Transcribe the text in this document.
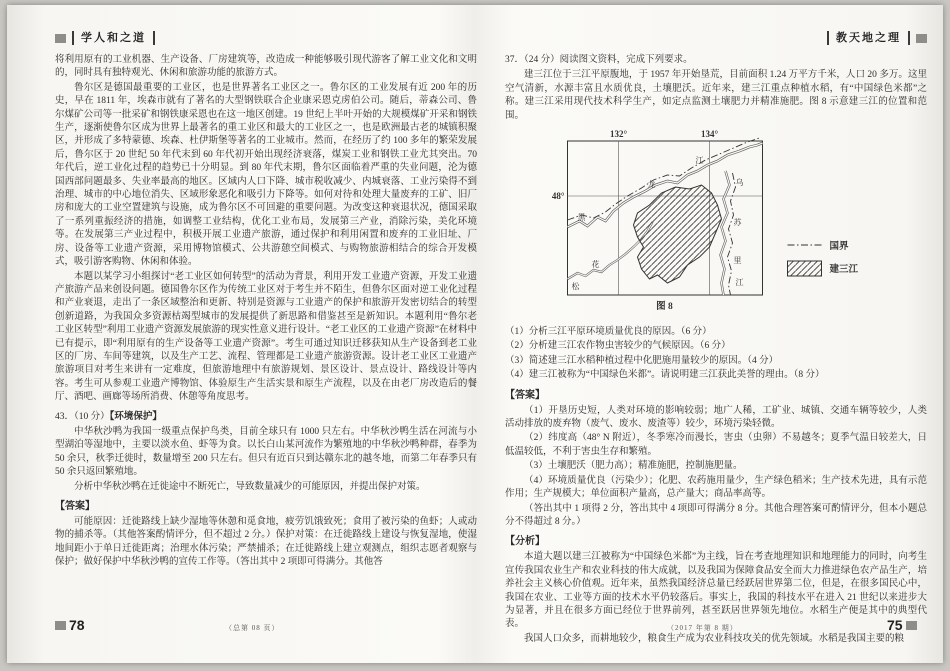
学人和之道

将利用原有的工业机器、生产设备、厂房建筑等，改造成一种能够吸引现代游客了解工业文化和文明的，同时具有独特观光、休闲和旅游功能的旅游方式。

鲁尔区是德国最重要的工业区，也是世界著名工业区之一。鲁尔区的工业发展有近 200 年的历史，早在 1811 年，埃森市就有了著名的大型钢铁联合企业康采恩克虏伯公司。随后，蒂森公司、鲁尔煤矿公司等一批采矿和钢铁康采恩也在这一地区创建。19 世纪上半叶开始的大规模煤矿开采和钢铁生产，逐渐使鲁尔区成为世界上最著名的重工业区和最大的工业区之一，也是欧洲最古老的城镇积聚区，并形成了多特蒙德、埃森、杜伊斯堡等著名的工业城市。然而，在经历了约 100 多年的繁荣发展后，鲁尔区于 20 世纪 50 年代末到 60 年代初开始出现经济衰落，煤炭工业和钢铁工业尤其突出。70 年代后，逆工业化过程的趋势已十分明显。到 80 年代末期，鲁尔区面临着严重的失业问题，沦为德国西部问题最多、失业率最高的地区。区域内人口下降、城市税收减少、内城衰落、工业污染得不到治理、城市的中心地位消失、区域形象恶化和吸引力下降等。如何对待和处理大量废弃的工矿、旧厂房和庞大的工业空置建筑与设施，成为鲁尔区不可回避的重要问题。为改变这种衰退状况，德国采取了一系列重振经济的措施，如调整工业结构，优化工业布局，发展第三产业，消除污染，美化环境等。在发展第三产业过程中，积极开展工业遗产旅游，通过保护和利用闲置和废弃的工业旧址、厂房、设备等工业遗产资源，采用博物馆模式、公共游憩空间模式、与购物旅游相结合的综合开发模式，吸引游客购物、休闲和体验。

本题以某学习小组探讨“老工业区如何转型”的活动为背景，利用开发工业遗产资源，开发工业遗产旅游产品来创设问题。德国鲁尔区作为传统工业区对于考生并不陌生，但鲁尔区面对逆工业化过程和产业衰退，走出了一条区域整治和更新、特别是资源与工业遗产的保护和旅游开发密切结合的转型创新道路，为我国众多资源枯竭型城市的发展提供了新思路和借鉴甚至是新知识。本题利用“鲁尔老工业区转型”利用工业遗产资源发展旅游的现实性意义进行设计。“老工业区的工业遗产资源”在材料中已有提示，即“利用原有的生产设备等工业遗产资源”。考生可通过知识迁移获知从生产设备到老工业区的厂房、车间等建筑，以及生产工艺、流程、管理都是工业遗产旅游资源。设计老工业区工业遗产旅游项目对考生来讲有一定难度，但旅游地理中有旅游规划、景区设计、景点设计、路线设计等内容。考生可从参观工业遗产博物馆、体验原生产生活实景和原生产流程，以及在由老厂房改造后的餐厅、酒吧、画廊等场所消费、休憩等角度思考。

43．（10 分）【环境保护】

中华秋沙鸭为我国一级重点保护鸟类，目前全球只有 1000 只左右。中华秋沙鸭生活在河流与小型湖泊等湿地中，主要以淡水鱼、虾等为食。以长白山某河流作为繁殖地的中华秋沙鸭种群，春季为 50 余只，秋季迁徙时，数量增至 200 只左右。但只有近百只到达赣东北的越冬地，而第二年春季只有 50 余只返回繁殖地。

分析中华秋沙鸭在迁徙途中不断死亡，导致数量减少的可能原因，并提出保护对策。

【答案】

可能原因：迁徙路线上缺少湿地等休憩和觅食地，疲劳饥饿致死；食用了被污染的鱼虾；人或动物的捕杀等。（其他答案酌情评分，但不超过 2 分。）保护对策：在迁徙路线上建设与恢复湿地，使湿地间距小于单日迁徙距离；治理水体污染；严禁捕杀；在迁徙路线上建立观测点，组织志愿者观察与保护；做好保护中华秋沙鸭的宣传工作等。（答出其中 2 项即可得满分。其他答

教天地之理

37．（24 分）阅读图文资料，完成下列要求。

建三江位于三江平原腹地，于 1957 年开始垦荒，目前面积 1.24 万平方千米，人口 20 多万。这里空气清新，水源丰富且水质优良，土壤肥沃。近年来，建三江重点种植水稻，有“中国绿色米都”之称。建三江采用现代技术科学生产，如定点监测土壤肥力并精准施肥。图 8 示意建三江的位置和范围。

132°	134°
48°
黑
龙
江
松
花
乌
苏
里
江
国界
建三江
图 8

（1）分析三江平原环境质量优良的原因。（6 分）

（2）分析建三江农作物虫害较少的气候原因。（6 分）

（3）简述建三江水稻种植过程中化肥施用量较少的原因。（4 分）

（4）建三江被称为“中国绿色米都”。请说明建三江获此美誉的理由。（8 分）

【答案】

（1）开垦历史短，人类对环境的影响较弱；地广人稀，工矿业、城镇、交通车辆等较少，人类活动排放的废弃物（废气、废水、废渣等）较少，环境污染轻微。

（2）纬度高（48° N 附近），冬季寒冷而漫长，害虫（虫卵）不易越冬；夏季气温日较差大，日低温较低，不利于害虫生存和繁殖。

（3）土壤肥沃（肥力高）；精准施肥，控制施肥量。

（4）环境质量优良（污染少）；化肥、农药施用量少，生产绿色稻米；生产技术先进，具有示范作用；生产规模大；单位面积产量高，总产量大；商品率高等。

（答出其中 1 项得 2 分，答出其中 4 项即可得满分 8 分。其他合理答案可酌情评分，但本小题总分不得超过 8 分。）

【分析】

本道大题以建三江被称为“中国绿色米都”为主线，旨在考查地理知识和地理能力的同时，向考生宣传我国农业生产和农业科技的伟大成就，以及我国为保障食品安全而大力推进绿色农产品生产，培养社会主义核心价值观。近年来，虽然我国经济总量已经跃居世界第二位，但是，在很多国民心中，我国在农业、工业等方面的技术水平仍较落后。事实上，我国的科技水平在进入 21 世纪以来进步大为显著，并且在很多方面已经位于世界前列，甚至跃居世界领先地位。水稻生产便是其中的典型代表。

我国人口众多，而耕地较少，粮食生产成为农业科技攻关的优先领域。水稻是我国主要的粮

78	（总第 08 页）	（2017 年第 8 期）	75
